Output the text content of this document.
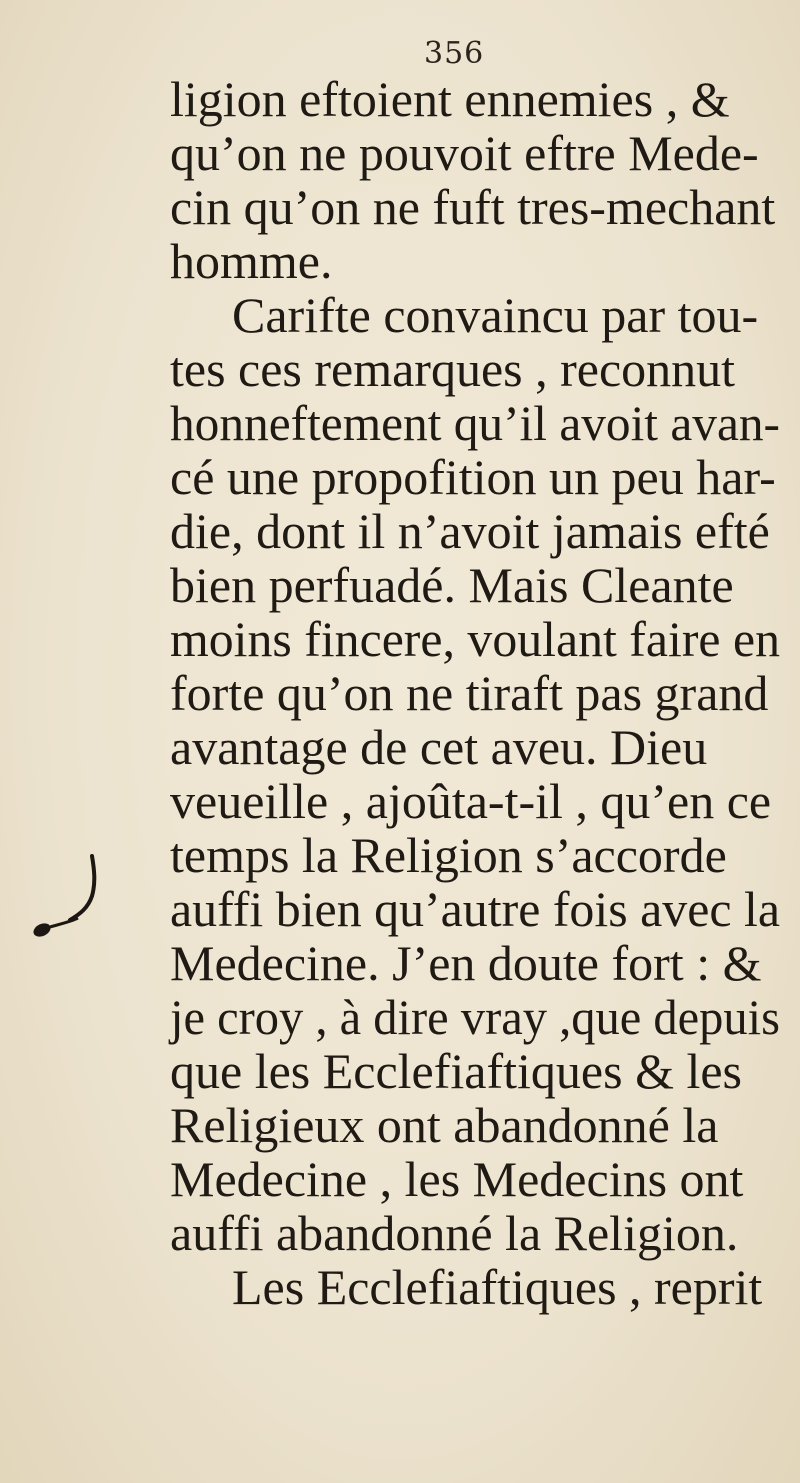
356
ligion eftoient ennemies , &
qu’on ne pouvoit eftre Mede-
cin qu’on ne fuft tres-mechant
homme.
Carifte convaincu par tou-
tes ces remarques , reconnut
honneftement qu’il avoit avan-
cé une propofition un peu har-
die, dont il n’avoit jamais efté
bien perfuadé. Mais Cleante
moins fincere, voulant faire en
forte qu’on ne tiraft pas grand
avantage de cet aveu. Dieu
veueille , ajoûta-t-il , qu’en ce
temps la Religion s’accorde
auffi bien qu’autre fois avec la
Medecine. J’en doute fort : &
je croy , à dire vray ,que depuis
que les Ecclefiaftiques & les
Religieux ont abandonné la
Medecine , les Medecins ont
auffi abandonné la Religion.
Les Ecclefiaftiques , reprit
